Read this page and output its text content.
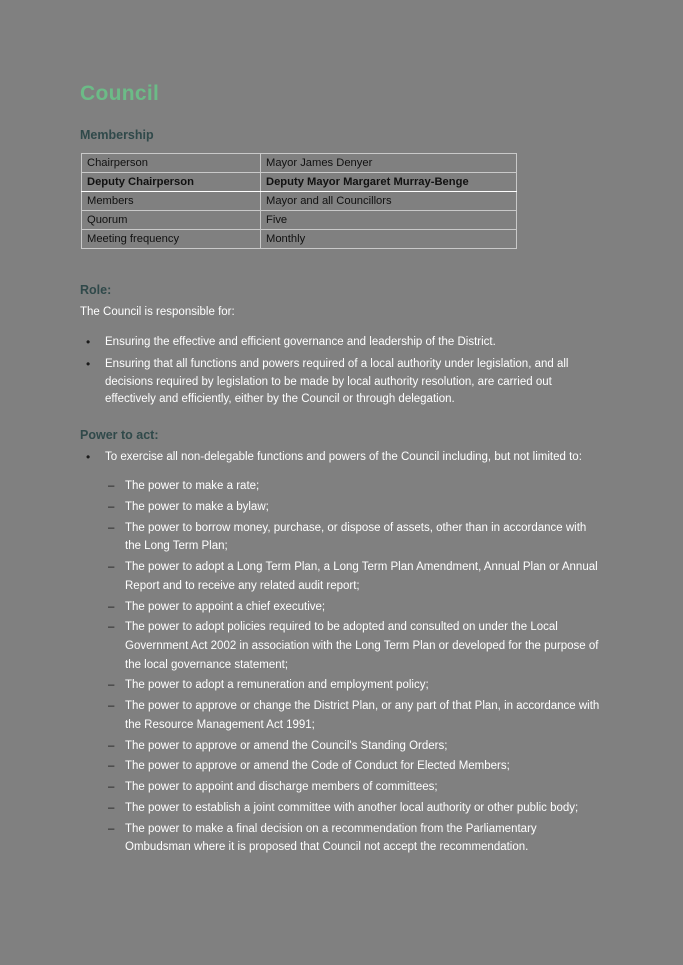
Council
Membership
Chairperson	Mayor James Denyer
Deputy Chairperson	Deputy Mayor Margaret Murray-Benge
Members	Mayor and all Councillors
Quorum	Five
Meeting frequency	Monthly
Role:

The Council is responsible for:

• Ensuring the effective and efficient governance and leadership of the District.
• Ensuring that all functions and powers required of a local authority under legislation, and all decisions required by legislation to be made by local authority resolution, are carried out effectively and efficiently, either by the Council or through delegation.
Power to act:
• To exercise all non-delegable functions and powers of the Council including, but not limited to:
– The power to make a rate;
– The power to make a bylaw;
– The power to borrow money, purchase, or dispose of assets, other than in accordance with the Long Term Plan;
– The power to adopt a Long Term Plan, a Long Term Plan Amendment, Annual Plan or Annual Report and to receive any related audit report;
– The power to appoint a chief executive;
– The power to adopt policies required to be adopted and consulted on under the Local Government Act 2002 in association with the Long Term Plan or developed for the purpose of the local governance statement;
– The power to adopt a remuneration and employment policy;
– The power to approve or change the District Plan, or any part of that Plan, in accordance with the Resource Management Act 1991;
– The power to approve or amend the Council's Standing Orders;
– The power to approve or amend the Code of Conduct for Elected Members;
– The power to appoint and discharge members of committees;
– The power to establish a joint committee with another local authority or other public body;
– The power to make a final decision on a recommendation from the Parliamentary Ombudsman where it is proposed that Council not accept the recommendation.
